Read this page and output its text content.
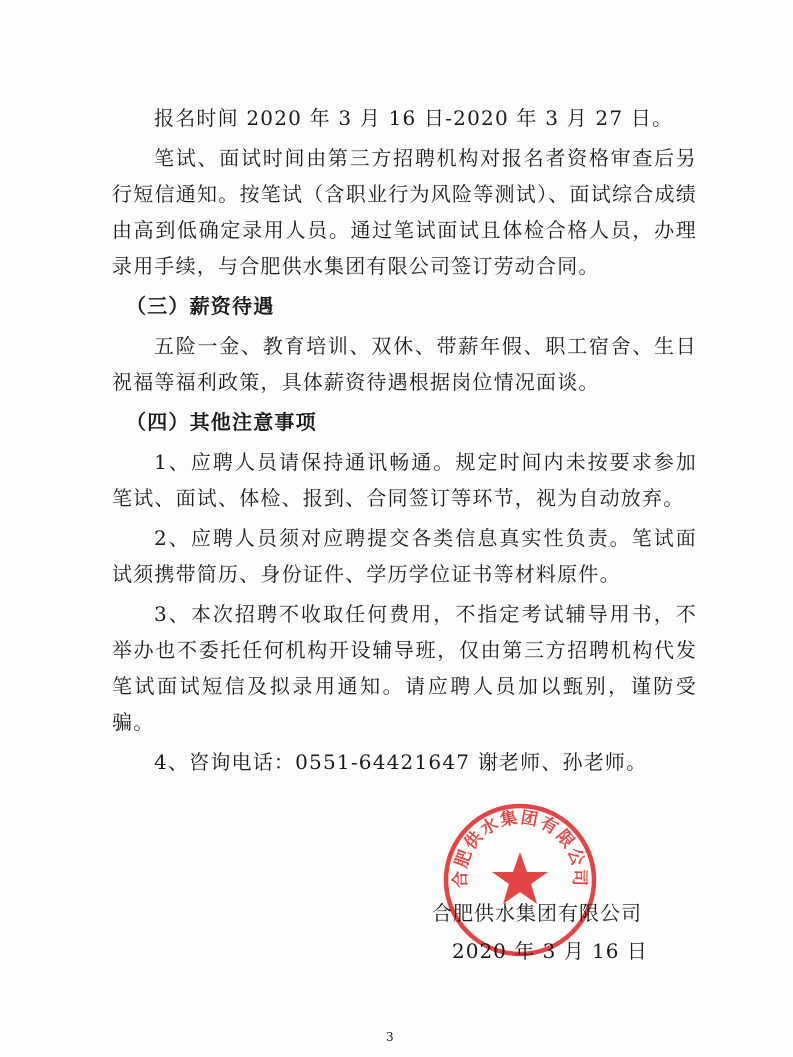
报名时间 2020 年 3 月 16 日-2020 年 3 月 27 日。

笔试、面试时间由第三方招聘机构对报名者资格审查后另行短信通知。按笔试（含职业行为风险等测试）、面试综合成绩由高到低确定录用人员。通过笔试面试且体检合格人员，办理录用手续，与合肥供水集团有限公司签订劳动合同。

（三）薪资待遇

五险一金、教育培训、双休、带薪年假、职工宿舍、生日祝福等福利政策，具体薪资待遇根据岗位情况面谈。

（四）其他注意事项

1、应聘人员请保持通讯畅通。规定时间内未按要求参加笔试、面试、体检、报到、合同签订等环节，视为自动放弃。

2、应聘人员须对应聘提交各类信息真实性负责。笔试面试须携带简历、身份证件、学历学位证书等材料原件。

3、本次招聘不收取任何费用，不指定考试辅导用书，不举办也不委托任何机构开设辅导班，仅由第三方招聘机构代发笔试面试短信及拟录用通知。请应聘人员加以甄别，谨防受骗。

4、咨询电话：0551-64421647 谢老师、孙老师。

合肥供水集团有限公司
合肥供水集团有限公司
2020 年 3 月 16 日
3
